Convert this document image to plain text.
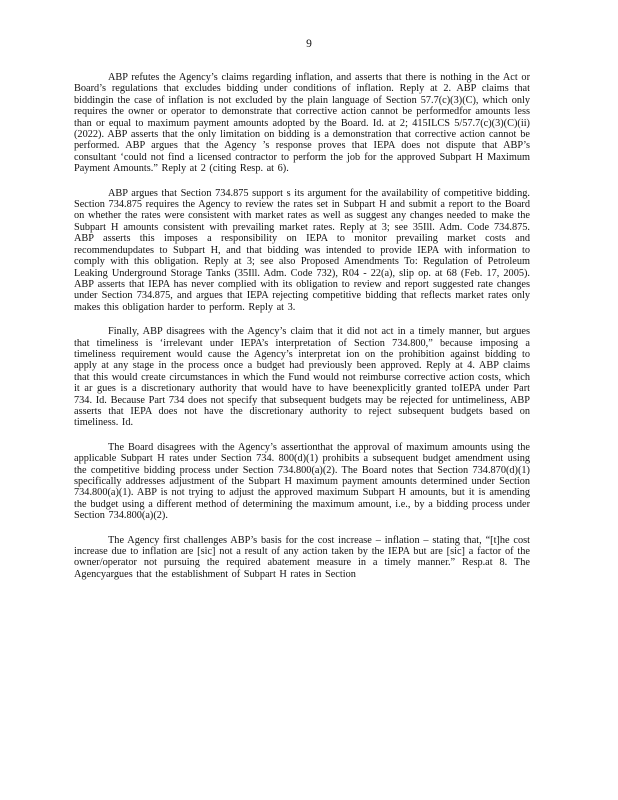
9

ABP refutes the Agency’s claims regarding inflation, and asserts that there is nothing in the Act or Board’s regulations that excludes bidding under conditions of inflation. Reply at 2. ABP claims that biddingin the case of inflation is not excluded by the plain language of Section 57.7(c)(3)(C), which only requires the owner or operator to demonstrate that corrective action cannot be performedfor amounts less than or equal to maximum payment amounts adopted by the Board. Id. at 2; 415ILCS 5/57.7(c)(3)(C)(ii)(2022). ABP asserts that the only limitation on bidding is a demonstration that corrective action cannot be performed. ABP argues that the Agency ’s response proves that IEPA does not dispute that ABP’s consultant ‘could not find a licensed contractor to perform the job for the approved Subpart H Maximum Payment Amounts.” Reply at 2 (citing Resp. at 6).

ABP argues that Section 734.875 support s its argument for the availability of competitive bidding. Section 734.875 requires the Agency to review the rates set in Subpart H and submit a report to the Board on whether the rates were consistent with market rates as well as suggest any changes needed to make the Subpart H amounts consistent with prevailing market rates. Reply at 3; see 35Ill. Adm. Code 734.875. ABP asserts this imposes a responsibility on IEPA to monitor prevailing market costs and recommendupdates to Subpart H, and that bidding was intended to provide IEPA with information to comply with this obligation. Reply at 3; see also Proposed Amendments To: Regulation of Petroleum Leaking Underground Storage Tanks (35Ill. Adm. Code 732), R04 - 22(a), slip op. at 68 (Feb. 17, 2005). ABP asserts that IEPA has never complied with its obligation to review and report suggested rate changes under Section 734.875, and argues that IEPA rejecting competitive bidding that reflects market rates only makes this obligation harder to perform. Reply at 3.

Finally, ABP disagrees with the Agency’s claim that it did not act in a timely manner, but argues that timeliness is ‘irrelevant under IEPA’s interpretation of Section 734.800,” because imposing a timeliness requirement would cause the Agency’s interpretat ion on the prohibition against bidding to apply at any stage in the process once a budget had previously been approved. Reply at 4. ABP claims that this would create circumstances in which the Fund would not reimburse corrective action costs, which it ar gues is a discretionary authority that would have to have beenexplicitly granted toIEPA under Part 734. Id. Because Part 734 does not specify that subsequent budgets may be rejected for untimeliness, ABP asserts that IEPA does not have the discretionary authority to reject subsequent budgets based on timeliness. Id.

The Board disagrees with the Agency’s assertionthat the approval of maximum amounts using the applicable Subpart H rates under Section 734. 800(d)(1) prohibits a subsequent budget amendment using the competitive bidding process under Section 734.800(a)(2). The Board notes that Section 734.870(d)(1) specifically addresses adjustment of the Subpart H maximum payment amounts determined under Section 734.800(a)(1). ABP is not trying to adjust the approved maximum Subpart H amounts, but it is amending the budget using a different method of determining the maximum amount, i.e., by a bidding process under Section 734.800(a)(2).

The Agency first challenges ABP’s basis for the cost increase – inflation – stating that, “[t]he cost increase due to inflation are [sic] not a result of any action taken by the IEPA but are [sic] a factor of the owner/operator not pursuing the required abatement measure in a timely manner.” Resp.at 8. The Agencyargues that the establishment of Subpart H rates in Section
